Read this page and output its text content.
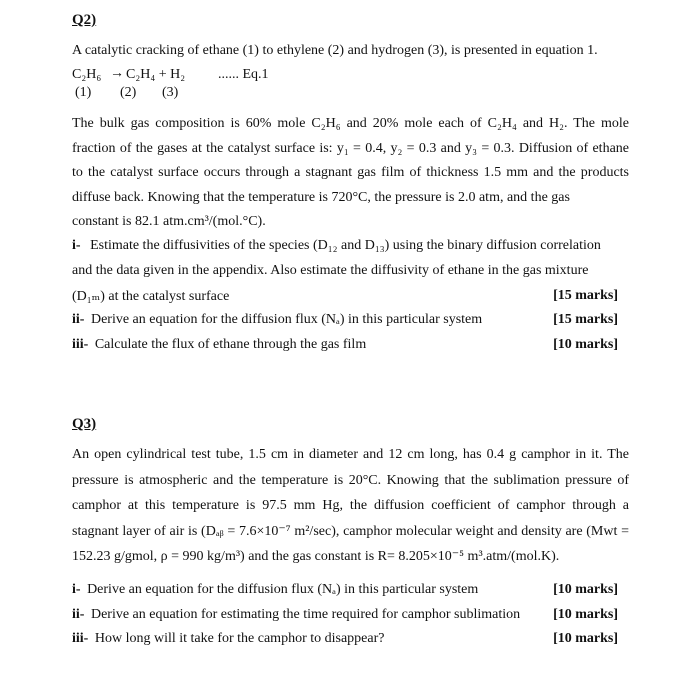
Q2)
A catalytic cracking of ethane (1) to ethylene (2) and hydrogen (3), is presented in equation 1.
C₂H₆ → C₂H₄ + H₂ ...... Eq.1
(1) (2) (3)
The bulk gas composition is 60% mole C₂H₆ and 20% mole each of C₂H₄ and H₂. The mole
fraction of the gases at the catalyst surface is: y₁ = 0.4, y₂ = 0.3 and y₃ = 0.3. Diffusion of ethane
to the catalyst surface occurs through a stagnant gas film of thickness 1.5 mm and the products
diffuse back. Knowing that the temperature is 720°C, the pressure is 2.0 atm, and the gas
constant is 82.1 atm.cm³/(mol.°C).
i- Estimate the diffusivities of the species (D₁₂ and D₁₃) using the binary diffusion correlation
and the data given in the appendix. Also estimate the diffusivity of ethane in the gas mixture
(D₁ₘ) at the catalyst surface	[15 marks]
ii- Derive an equation for the diffusion flux (Nₐ) in this particular system	[15 marks]
iii- Calculate the flux of ethane through the gas film	[10 marks]
Q3)
An open cylindrical test tube, 1.5 cm in diameter and 12 cm long, has 0.4 g camphor in it. The
pressure is atmospheric and the temperature is 20°C. Knowing that the sublimation pressure of
camphor at this temperature is 97.5 mm Hg, the diffusion coefficient of camphor through a
stagnant layer of air is (Dₐᵦ = 7.6×10⁻⁷ m²/sec), camphor molecular weight and density are (Mwt =
152.23 g/gmol, ρ = 990 kg/m³) and the gas constant is R= 8.205×10⁻⁵ m³.atm/(mol.K).
i- Derive an equation for the diffusion flux (Nₐ) in this particular system	[10 marks]
ii- Derive an equation for estimating the time required for camphor sublimation [10 marks]
iii- How long will it take for the camphor to disappear?	[10 marks]
